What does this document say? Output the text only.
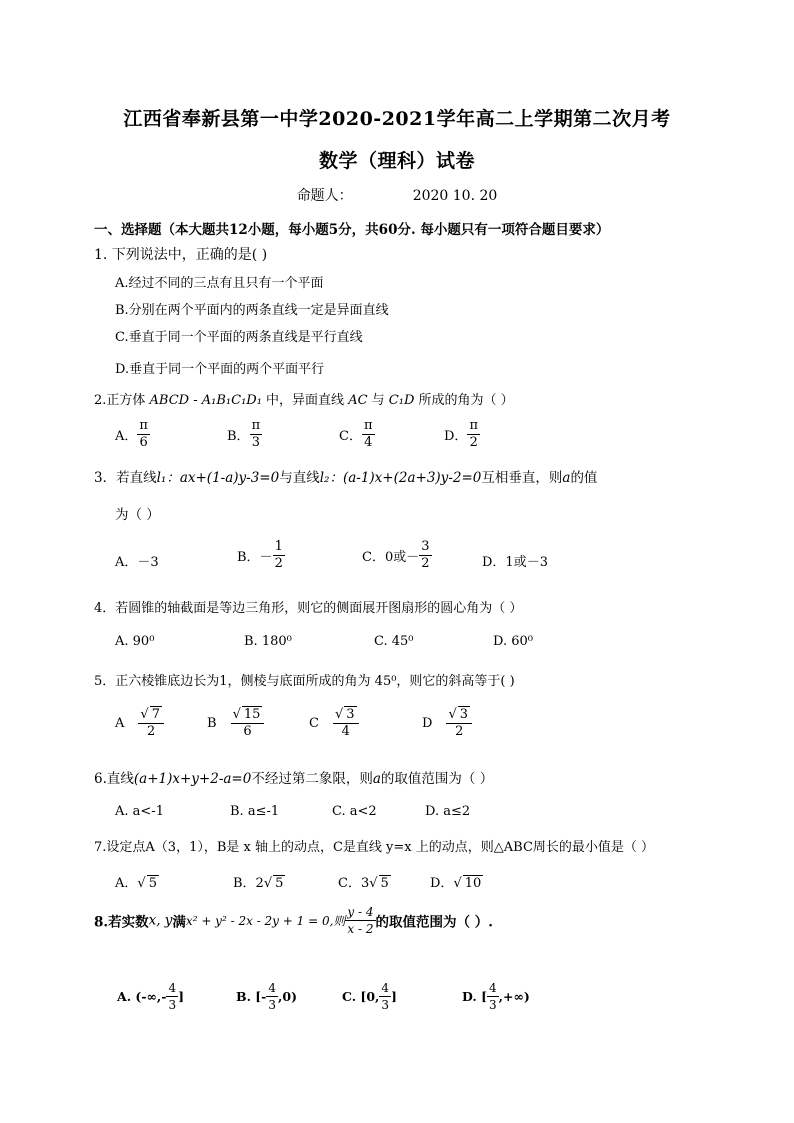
江西省奉新县第一中学2020-2021学年高二上学期第二次月考
数学（理科）试卷
命题人：	2020 10. 20
一、选择题（本大题共12小题，每小题5分，共60分. 每小题只有一项符合题目要求）
1. 下列说法中，正确的是( )
A.经过不同的三点有且只有一个平面
B.分别在两个平面内的两条直线一定是异面直线
C.垂直于同一个平面的两条直线是平行直线
D.垂直于同一个平面的两个平面平行
2.正方体 ABCD - A₁B₁C₁D₁ 中，异面直线 AC 与 C₁D 所成的角为（ ）
A． $\frac{\pi}{6}$	B． $\frac{\pi}{3}$	C． $\frac{\pi}{4}$	D． $\frac{\pi}{2}$
3．若直线l₁：ax+(1-a)y-3=0与直线l₂：(a-1)x+(2a+3)y-2=0互相垂直，则a的值
为（ ）
A．－3	B．－ $\frac{1}{2}$	C．0或－ $\frac{3}{2}$	D．1或－3
4．若圆锥的轴截面是等边三角形，则它的侧面展开图扇形的圆心角为（ ）
A. 90⁰	B. 180⁰	C. 45⁰	D. 60⁰
5．正六棱锥底边长为1，侧棱与底面所成的角为 45⁰，则它的斜高等于( )
A $\frac{√ 7}{2}$	B $\frac{√ 15}{6}$	C $\frac{√ 3}{4}$	D $\frac{√ 3}{2}$
6.直线(a+1)x+y+2-a=0不经过第二象限，则a的取值范围为（ ）
A. a<-1	B. a≤-1	C. a<2	D. a≤2
7.设定点A（3，1），B是 x 轴上的动点，C是直线 y=x 上的动点，则△ABC周长的最小值是（ ）
A．√ 5	B．2√ 5	C．3√ 5	D．√ 10
8.若实数x, y满x² + y² - 2x - 2y + 1 = 0,则 $\frac{y - 4}{x - 2}$ 的取值范围为（ ）.
A. (-∞,- $\frac{4}{3}$ ]	B. [- $\frac{4}{3} ,0$)	C. [0, $\frac{4}{3}$ ]	D. [ $\frac{4}{3}$ ,+∞)
